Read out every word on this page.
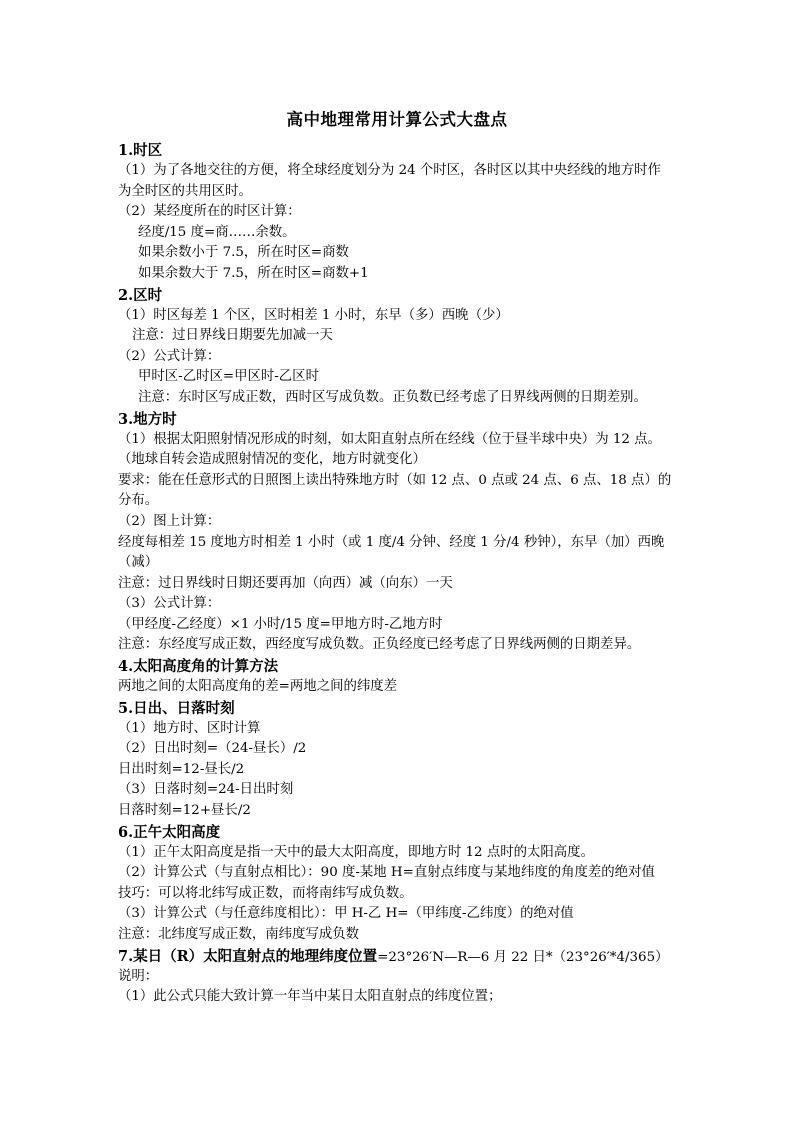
高中地理常用计算公式大盘点
1.时区
（1）为了各地交往的方便，将全球经度划分为 24 个时区，各时区以其中央经线的地方时作
为全时区的共用区时。
（2）某经度所在的时区计算：
经度/15 度=商……余数。
如果余数小于 7.5，所在时区=商数
如果余数大于 7.5，所在时区=商数+1
2.区时
（1）时区每差 1 个区，区时相差 1 小时，东早（多）西晚（少）
注意：过日界线日期要先加减一天
（2）公式计算：
甲时区-乙时区=甲区时-乙区时
注意：东时区写成正数，西时区写成负数。正负数已经考虑了日界线两侧的日期差别。
3.地方时
（1）根据太阳照射情况形成的时刻，如太阳直射点所在经线（位于昼半球中央）为 12 点。
（地球自转会造成照射情况的变化，地方时就变化）
要求：能在任意形式的日照图上读出特殊地方时（如 12 点、0 点或 24 点、6 点、18 点）的
分布。
（2）图上计算：
经度每相差 15 度地方时相差 1 小时（或 1 度/4 分钟、经度 1 分/4 秒钟），东早（加）西晚
（减）
注意：过日界线时日期还要再加（向西）减（向东）一天
（3）公式计算：
（甲经度-乙经度）×1 小时/15 度=甲地方时-乙地方时
注意：东经度写成正数，西经度写成负数。正负经度已经考虑了日界线两侧的日期差异。
4.太阳高度角的计算方法
两地之间的太阳高度角的差=两地之间的纬度差
5.日出、日落时刻
（1）地方时、区时计算
（2）日出时刻=（24-昼长）/2
日出时刻=12-昼长/2
（3）日落时刻=24-日出时刻
日落时刻=12+昼长/2
6.正午太阳高度
（1）正午太阳高度是指一天中的最大太阳高度，即地方时 12 点时的太阳高度。
（2）计算公式（与直射点相比）：90 度-某地 H=直射点纬度与某地纬度的角度差的绝对值
技巧：可以将北纬写成正数，而将南纬写成负数。
（3）计算公式（与任意纬度相比）：甲 H-乙 H=（甲纬度-乙纬度）的绝对值
注意：北纬度写成正数，南纬度写成负数
7.某日（R）太阳直射点的地理纬度位置=23°26′N—R—6 月 22 日*（23°26′*4/365）
说明：
（1）此公式只能大致计算一年当中某日太阳直射点的纬度位置；
